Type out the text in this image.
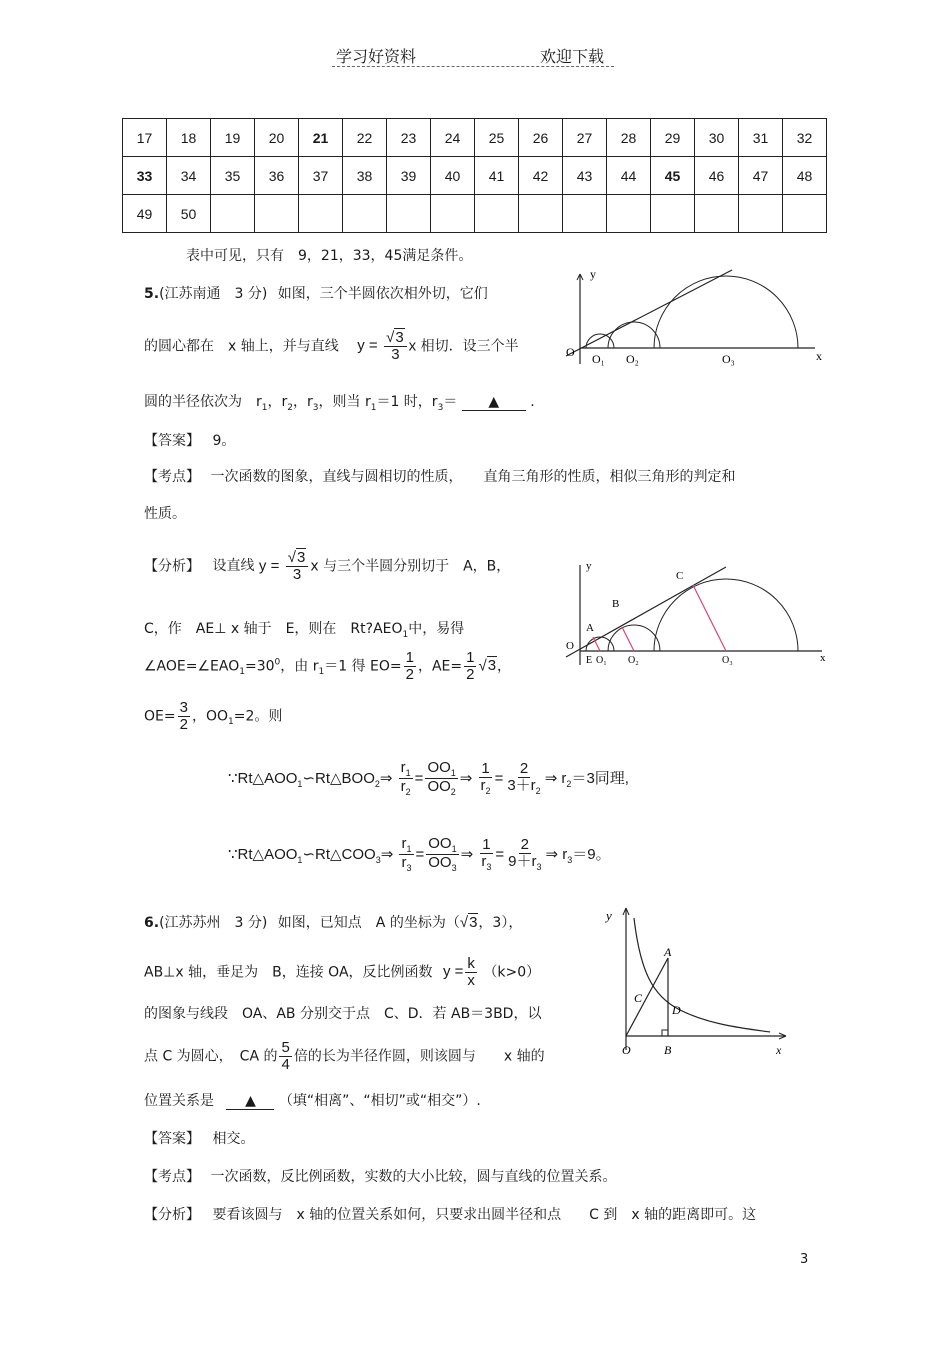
学习好资料	欢迎下载
17	18	19	20	21	22	23	24	25	26	27	28	29	30	31	32
33	34	35	36	37	38	39	40	41	42	43	44	45	46	47	48
49	50														
表中可见，只有　9，21，33，45满足条件。
5.(江苏南通　3 分) 如图，三个半圆依次相外切，它们
的圆心都在　x 轴上，并与直线 $y = \frac{√3}{3}$ x 相切．设三个半
圆的半径依次为　$r_1$，$r_2$，$r_3$，则当 $r_1=1$ 时，$r_3=$ ▲ .
【答案】 9。
【考点】 一次函数的图象，直线与圆相切的性质，　　直角三角形的性质，相似三角形的判定和
性质。
【分析】 设直线 $y = \frac{√3}{3}$ x 与三个半圆分别切于　A，B，
C，作　AE⊥ x 轴于　E，则在　$Rt?AEO_1$中，易得
$\angle AOE=\angle EAO_1=30^0$，由 $r_1=1$ 得 $EO= \frac{1}{2}$ ，$AE= \frac{1}{2} √3$，
$OE= \frac{3}{2}$ ，$OO_1=2$。则
$\because Rt\triangle AOO_1∽Rt\triangle BOO_2\Rightarrow \frac{r_1}{r_2} = \frac{OO_1}{OO_2}$ ⇒ $\frac{1}{r_2} = \frac{2}{3+r_2}$ ⇒ $r_2=3$同理,
$\because Rt\triangle AOO_1∽Rt\triangle COO_3\Rightarrow \frac{r_1}{r_3} = \frac{OO_1}{OO_3}$ ⇒ $\frac{1}{r_3} = \frac{2}{9+r_3}$ ⇒ $r_3=9$。
6.(江苏苏州　3 分) 如图，已知点　A 的坐标为（√3，3），
AB⊥x 轴，垂足为　B，连接 OA，反比例函数 $y = \frac{k}{x} (k>0)$
的图象与线段　OA、AB 分别交于点　C、D．若 AB＝3BD，以
点 C 为圆心，　CA 的 $\frac{5}{4}$ 倍的长为半径作圆，则该圆与　　x 轴的
位置关系是 ▲ （填“相离”、“相切”或“相交”）.
【答案】 相交。
【考点】 一次函数，反比例函数，实数的大小比较，圆与直线的位置关系。
【分析】 要看该圆与　x 轴的位置关系如何，只要求出圆半径和点　　C 到　x 轴的距离即可。这
3
O O₁ O₂	O₃	x
y
A
B
C
O
E O₁ O₂	O₃	x
y
y
A
C
D
O	B	x
